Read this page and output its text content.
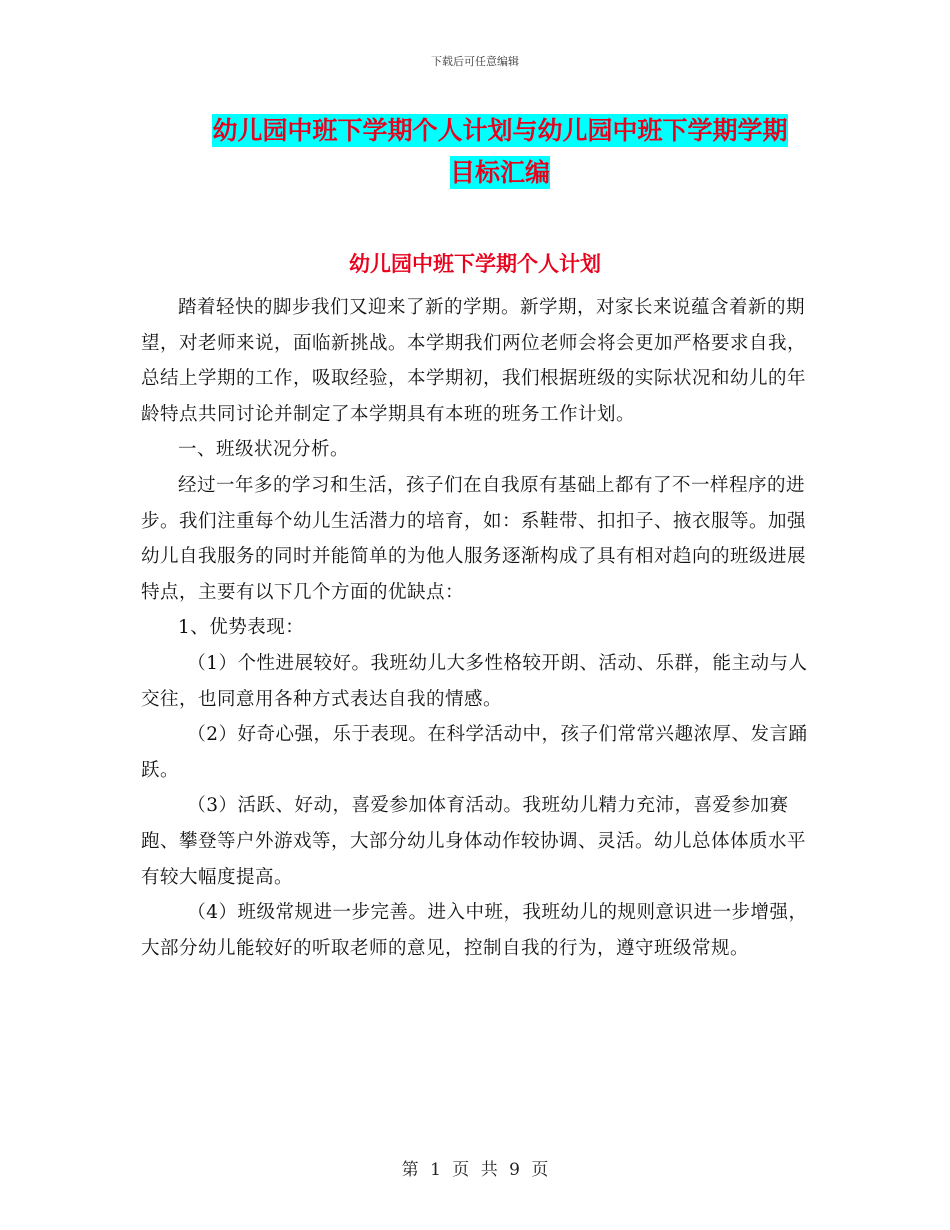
下载后可任意编辑
幼儿园中班下学期个人计划与幼儿园中班下学期学期
目标汇编
幼儿园中班下学期个人计划

踏着轻快的脚步我们又迎来了新的学期。新学期，对家长来说蕴含着新的期望，对老师来说，面临新挑战。本学期我们两位老师会将会更加严格要求自我，总结上学期的工作，吸取经验，本学期初，我们根据班级的实际状况和幼儿的年龄特点共同讨论并制定了本学期具有本班的班务工作计划。

一、班级状况分析。

经过一年多的学习和生活，孩子们在自我原有基础上都有了不一样程序的进步。我们注重每个幼儿生活潜力的培育，如：系鞋带、扣扣子、掖衣服等。加强幼儿自我服务的同时并能简单的为他人服务逐渐构成了具有相对趋向的班级进展特点，主要有以下几个方面的优缺点：

1、优势表现：

（1）个性进展较好。我班幼儿大多性格较开朗、活动、乐群，能主动与人交往，也同意用各种方式表达自我的情感。

（2）好奇心强，乐于表现。在科学活动中，孩子们常常兴趣浓厚、发言踊跃。

（3）活跃、好动，喜爱参加体育活动。我班幼儿精力充沛，喜爱参加赛跑、攀登等户外游戏等，大部分幼儿身体动作较协调、灵活。幼儿总体体质水平有较大幅度提高。

（4）班级常规进一步完善。进入中班，我班幼儿的规则意识进一步增强，大部分幼儿能较好的听取老师的意见，控制自我的行为，遵守班级常规。

第 1 页 共 9 页
